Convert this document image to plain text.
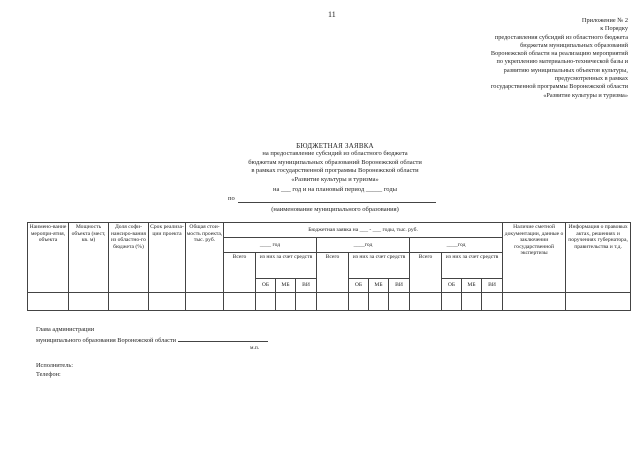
11
Приложение № 2
к Порядку
предоставления субсидий из областного бюджета
бюджетам муниципальных образований
Воронежской области на реализацию мероприятий
по укреплению материально-технической базы и
развитию муниципальных объектов культуры,
предусмотренных в рамках
государственной программы Воронежской области
«Развитие культуры и туризма»
БЮДЖЕТНАЯ ЗАЯВКА
на предоставление субсидий из областного бюджета
бюджетам муниципальных образований Воронежской области
в рамках государственной программы Воронежской области
«Развитие культуры и туризма»
на ___ год и на плановый период _____ годы
по
(наименование муниципального образования)
Наимено-вание меропри-ятия, объекта	Мощность объекта (мест, кв. м)	Доля софи-нансиро-вания из областно-го бюджета (%)	Срок реализа-ции проекта	Общая стои-мость проекта, тыс. руб.	Бюджетная заявка на ___ - ___ годы, тыс. руб.												Наличие сметной документации, данные о заключении государственной экспертизы	Информация о правовых актах, решениях и поручениях губернатора, правительства и т.д.
					____ год				____год				____год					
					Всего	из них за счет средств			Всего	из них за счет средств			Всего	из них за счет средств				
						ОБ	МБ	ВИ		ОБ	МБ	ВИ		ОБ	МБ	ВИ		

Глава администрации
муниципального образования Воронежской области
м.п.
Исполнитель:
Телефон:
